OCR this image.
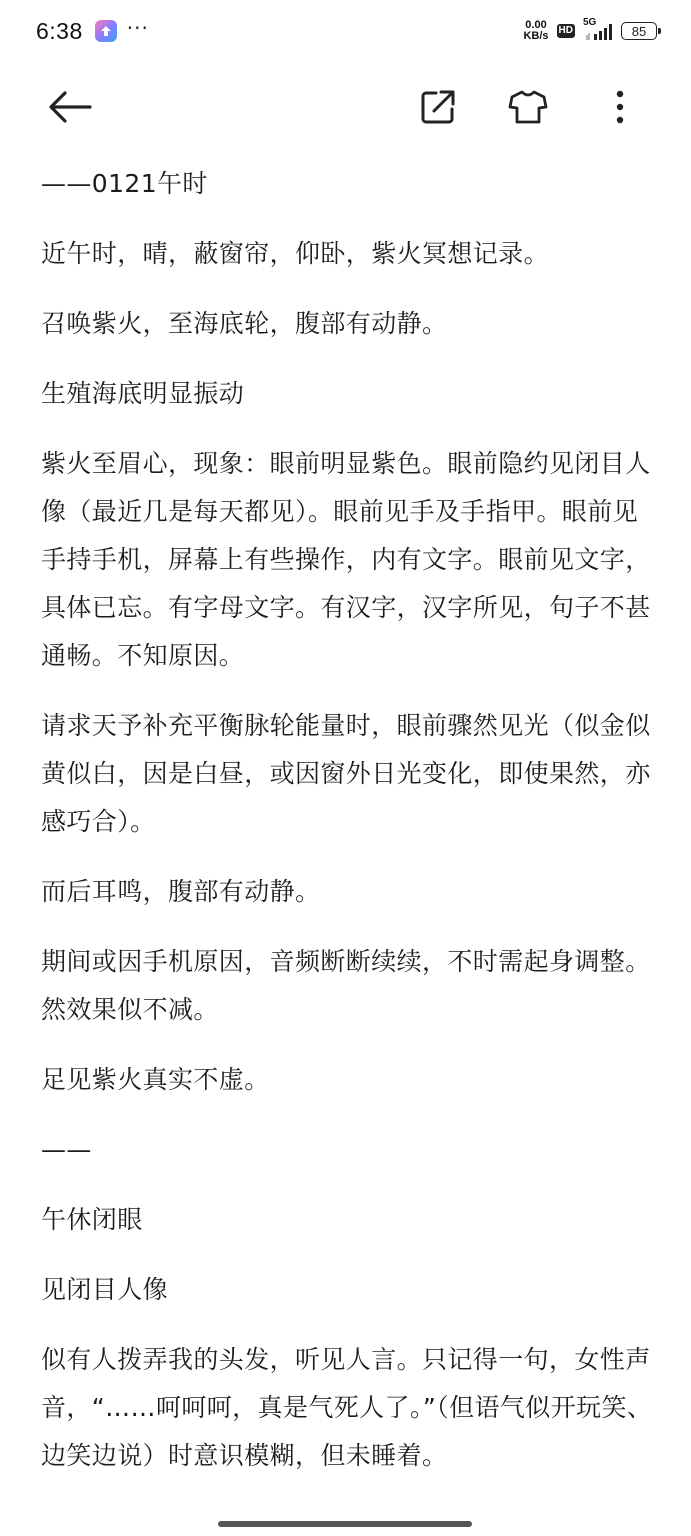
6:38 ···	0.00
KB/s HD
5G
85

——0121午时

近午时，晴，蔽窗帘，仰卧，紫火冥想记录。

召唤紫火，至海底轮，腹部有动静。

生殖海底明显振动

紫火至眉心，现象：眼前明显紫色。眼前隐约见闭目人像（最近几是每天都见）。眼前见手及手指甲。眼前见手持手机，屏幕上有些操作，内有文字。眼前见文字，具体已忘。有字母文字。有汉字，汉字所见，句子不甚通畅。不知原因。

请求天予补充平衡脉轮能量时，眼前骤然见光（似金似黄似白，因是白昼，或因窗外日光变化，即使果然，亦感巧合）。

而后耳鸣，腹部有动静。

期间或因手机原因，音频断断续续，不时需起身调整。然效果似不减。

足见紫火真实不虚。

——

午休闭眼

见闭目人像

似有人拨弄我的头发，听见人言。只记得一句，女性声音，“……呵呵呵，真是气死人了。”（但语气似开玩笑、边笑边说）时意识模糊，但未睡着。
